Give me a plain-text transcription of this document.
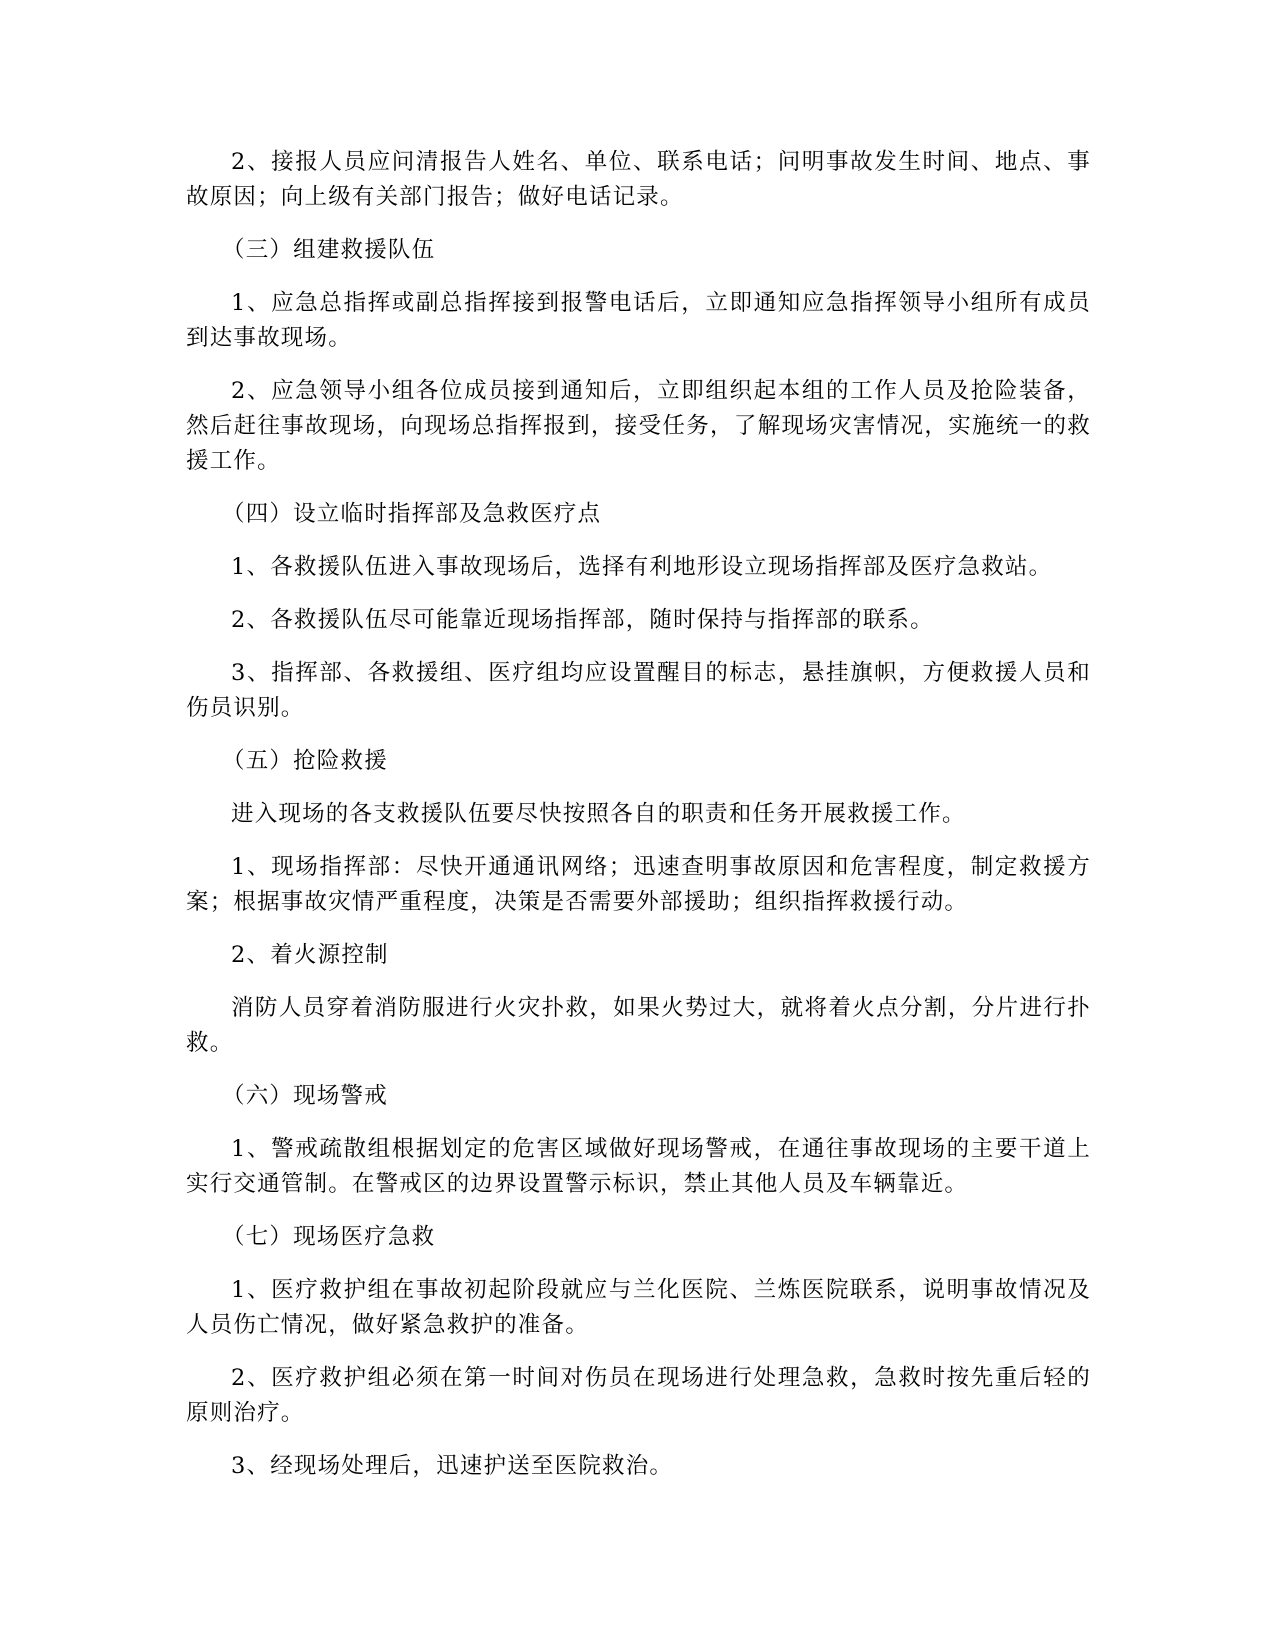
2、接报人员应问清报告人姓名、单位、联系电话；问明事故发生时间、地点、事故原因；向上级有关部门报告；做好电话记录。

（三）组建救援队伍

1、应急总指挥或副总指挥接到报警电话后，立即通知应急指挥领导小组所有成员到达事故现场。

2、应急领导小组各位成员接到通知后，立即组织起本组的工作人员及抢险装备，然后赶往事故现场，向现场总指挥报到，接受任务，了解现场灾害情况，实施统一的救援工作。

（四）设立临时指挥部及急救医疗点

1、各救援队伍进入事故现场后，选择有利地形设立现场指挥部及医疗急救站。

2、各救援队伍尽可能靠近现场指挥部，随时保持与指挥部的联系。

3、指挥部、各救援组、医疗组均应设置醒目的标志，悬挂旗帜，方便救援人员和伤员识别。

（五）抢险救援

进入现场的各支救援队伍要尽快按照各自的职责和任务开展救援工作。

1、现场指挥部：尽快开通通讯网络；迅速查明事故原因和危害程度，制定救援方案；根据事故灾情严重程度，决策是否需要外部援助；组织指挥救援行动。

2、着火源控制

消防人员穿着消防服进行火灾扑救，如果火势过大，就将着火点分割，分片进行扑救。

（六）现场警戒

1、警戒疏散组根据划定的危害区域做好现场警戒，在通往事故现场的主要干道上实行交通管制。在警戒区的边界设置警示标识，禁止其他人员及车辆靠近。

（七）现场医疗急救

1、医疗救护组在事故初起阶段就应与兰化医院、兰炼医院联系，说明事故情况及人员伤亡情况，做好紧急救护的准备。

2、医疗救护组必须在第一时间对伤员在现场进行处理急救，急救时按先重后轻的原则治疗。

3、经现场处理后，迅速护送至医院救治。
